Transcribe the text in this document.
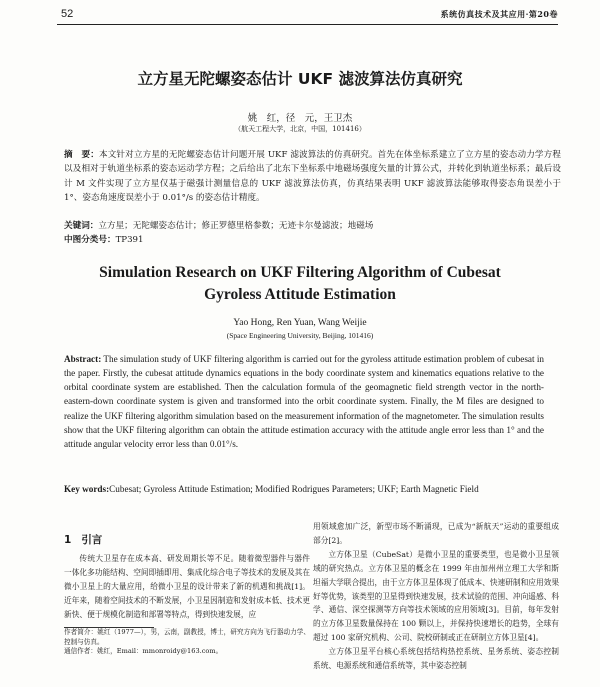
52	系统仿真技术及其应用·第20卷
立方星无陀螺姿态估计 UKF 滤波算法仿真研究
姚　红，径　元，王卫杰
（航天工程大学，北京，中国，101416）
摘　要：本文针对立方星的无陀螺姿态估计问题开展 UKF 滤波算法的仿真研究。首先在体坐标系建立了立方星的姿态动力学方程以及相对于轨道坐标系的姿态运动学方程；之后给出了北东下坐标系中地磁场强度矢量的计算公式，并转化到轨道坐标系；最后设计 M 文件实现了立方星仅基于磁强计测量信息的 UKF 滤波算法仿真，仿真结果表明 UKF 滤波算法能够取得姿态角误差小于 1°、姿态角速度误差小于 0.01°/s 的姿态估计精度。
关键词：立方星；无陀螺姿态估计；修正罗德里格参数；无迹卡尔曼滤波；地磁场
中图分类号：TP391
Simulation Research on UKF Filtering Algorithm of Cubesat
Gyroless Attitude Estimation
Yao Hong, Ren Yuan, Wang Weijie
(Space Engineering University, Beijing, 101416)
Abstract: The simulation study of UKF filtering algorithm is carried out for the gyroless attitude estimation problem of cubesat in the paper. Firstly, the cubesat attitude dynamics equations in the body coordinate system and kinematics equations relative to the orbital coordinate system are established. Then the calculation formula of the geomagnetic field strength vector in the north-eastern-down coordinate system is given and transformed into the orbit coordinate system. Finally, the M files are designed to realize the UKF filtering algorithm simulation based on the measurement information of the magnetometer. The simulation results show that the UKF filtering algorithm can obtain the attitude estimation accuracy with the attitude angle error less than 1° and the attitude angular velocity error less than 0.01°/s.
Key words:Cubesat; Gyroless Attitude Estimation; Modified Rodrigues Parameters; UKF; Earth Magnetic Field
1 引言

传统大卫星存在成本高、研发周期长等不足。随着微型器件与器件一体化多功能结构、空间即插即用、集成化综合电子等技术的发展及其在微小卫星上的大量应用，给微小卫星的设计带来了新的机遇和挑战[1]。近年来，随着空间技术的不断发展，小卫星因制造和发射成本低、技术更新快、便于规模化制造和部署等特点，得到快速发展，应

作者简介：姚红（1977—），男，云南，副教授，博士，研究方向为飞行器动力学、控制与仿真。

通信作者：姚红，Email：mmonroidy@163.com。

用领域愈加广泛，新型市场不断涌现，已成为“新航天”运动的重要组成部分[2]。

立方体卫星（CubeSat）是微小卫星的重要类型，也是微小卫星领域的研究热点。立方体卫星的概念在 1999 年由加州州立理工大学和斯坦福大学联合提出，由于立方体卫星体现了低成本、快速研制和应用效果好等优势，该类型的卫星得到快速发展，技术试验的范围、冲向遥感、科学、通信、深空探测等方向等技术领域的应用领域[3]。目前，每年发射的立方体卫星数量保持在 100 颗以上，并保持快速增长的趋势，全球有超过 100 家研究机构、公司、院校研制或正在研制立方体卫星[4]。

立方体卫星平台核心系统包括结构热控系统、星务系统、姿态控制系统、电源系统和通信系统等，其中姿态控制
